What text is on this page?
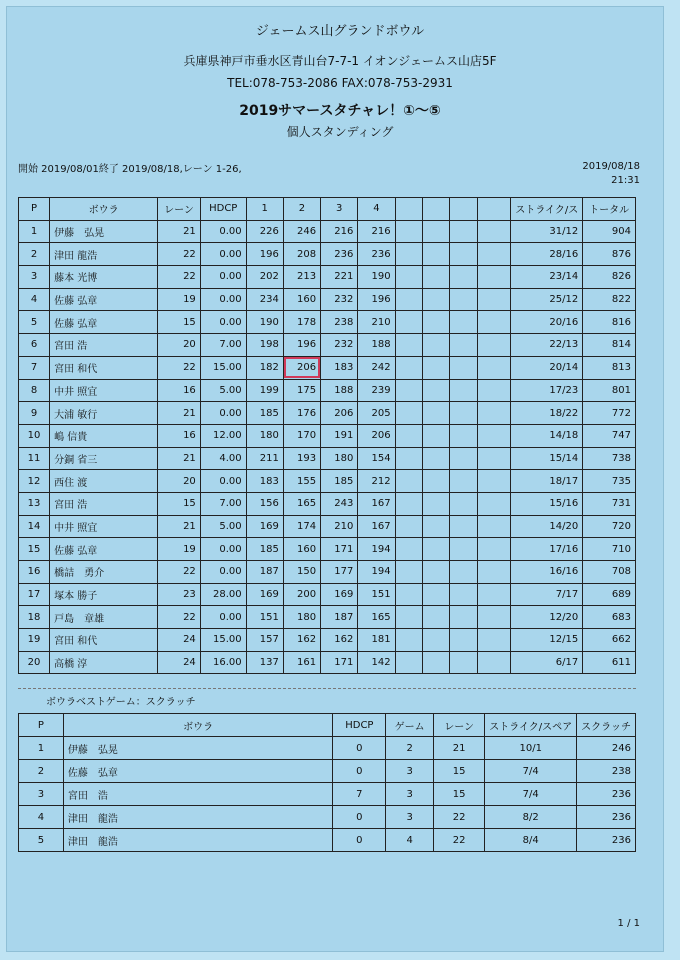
ジェームス山グランドボウル
兵庫県神戸市垂水区青山台7-7-1 イオンジェームス山店5F
TEL:078-753-2086 FAX:078-753-2931
2019サマースタチャレ！①～⑤
個人スタンディング
開始 2019/08/01終了 2019/08/18,レーン 1-26,	2019/08/18
21:31
P	ボウラ	レーン	HDCP	1	2	3	4					ストライク/ス	トータル
1	伊藤　弘晃	21	0.00	226	246	216	216					31/12	904
2	津田 龍浩	22	0.00	196	208	236	236					28/16	876
3	藤本 光博	22	0.00	202	213	221	190					23/14	826
4	佐藤 弘章	19	0.00	234	160	232	196					25/12	822
5	佐藤 弘章	15	0.00	190	178	238	210					20/16	816
6	宮田 浩	20	7.00	198	196	232	188					22/13	814
7	宮田 和代	22	15.00	182	206	183	242					20/14	813
8	中井 照宜	16	5.00	199	175	188	239					17/23	801
9	大浦 敏行	21	0.00	185	176	206	205					18/22	772
10	嶋 信貴	16	12.00	180	170	191	206					14/18	747
11	分銅 省三	21	4.00	211	193	180	154					15/14	738
12	西住 渡	20	0.00	183	155	185	212					18/17	735
13	宮田 浩	15	7.00	156	165	243	167					15/16	731
14	中井 照宜	21	5.00	169	174	210	167					14/20	720
15	佐藤 弘章	19	0.00	185	160	171	194					17/16	710
16	橋詰　勇介	22	0.00	187	150	177	194					16/16	708
17	塚本 勝子	23	28.00	169	200	169	151					7/17	689
18	戸島　章雄	22	0.00	151	180	187	165					12/20	683
19	宮田 和代	24	15.00	157	162	162	181					12/15	662
20	高橋 淳	24	16.00	137	161	171	142					6/17	611
ボウラベストゲーム：スクラッチ
P	ボウラ	HDCP	ゲーム	レーン	ストライク/スペア	スクラッチ
1	伊藤　弘晃	0	2	21	10/1	246
2	佐藤　弘章	0	3	15	7/4	238
3	宮田　浩	7	3	15	7/4	236
4	津田　龍浩	0	3	22	8/2	236
5	津田　龍浩	0	4	22	8/4	236
1 / 1
